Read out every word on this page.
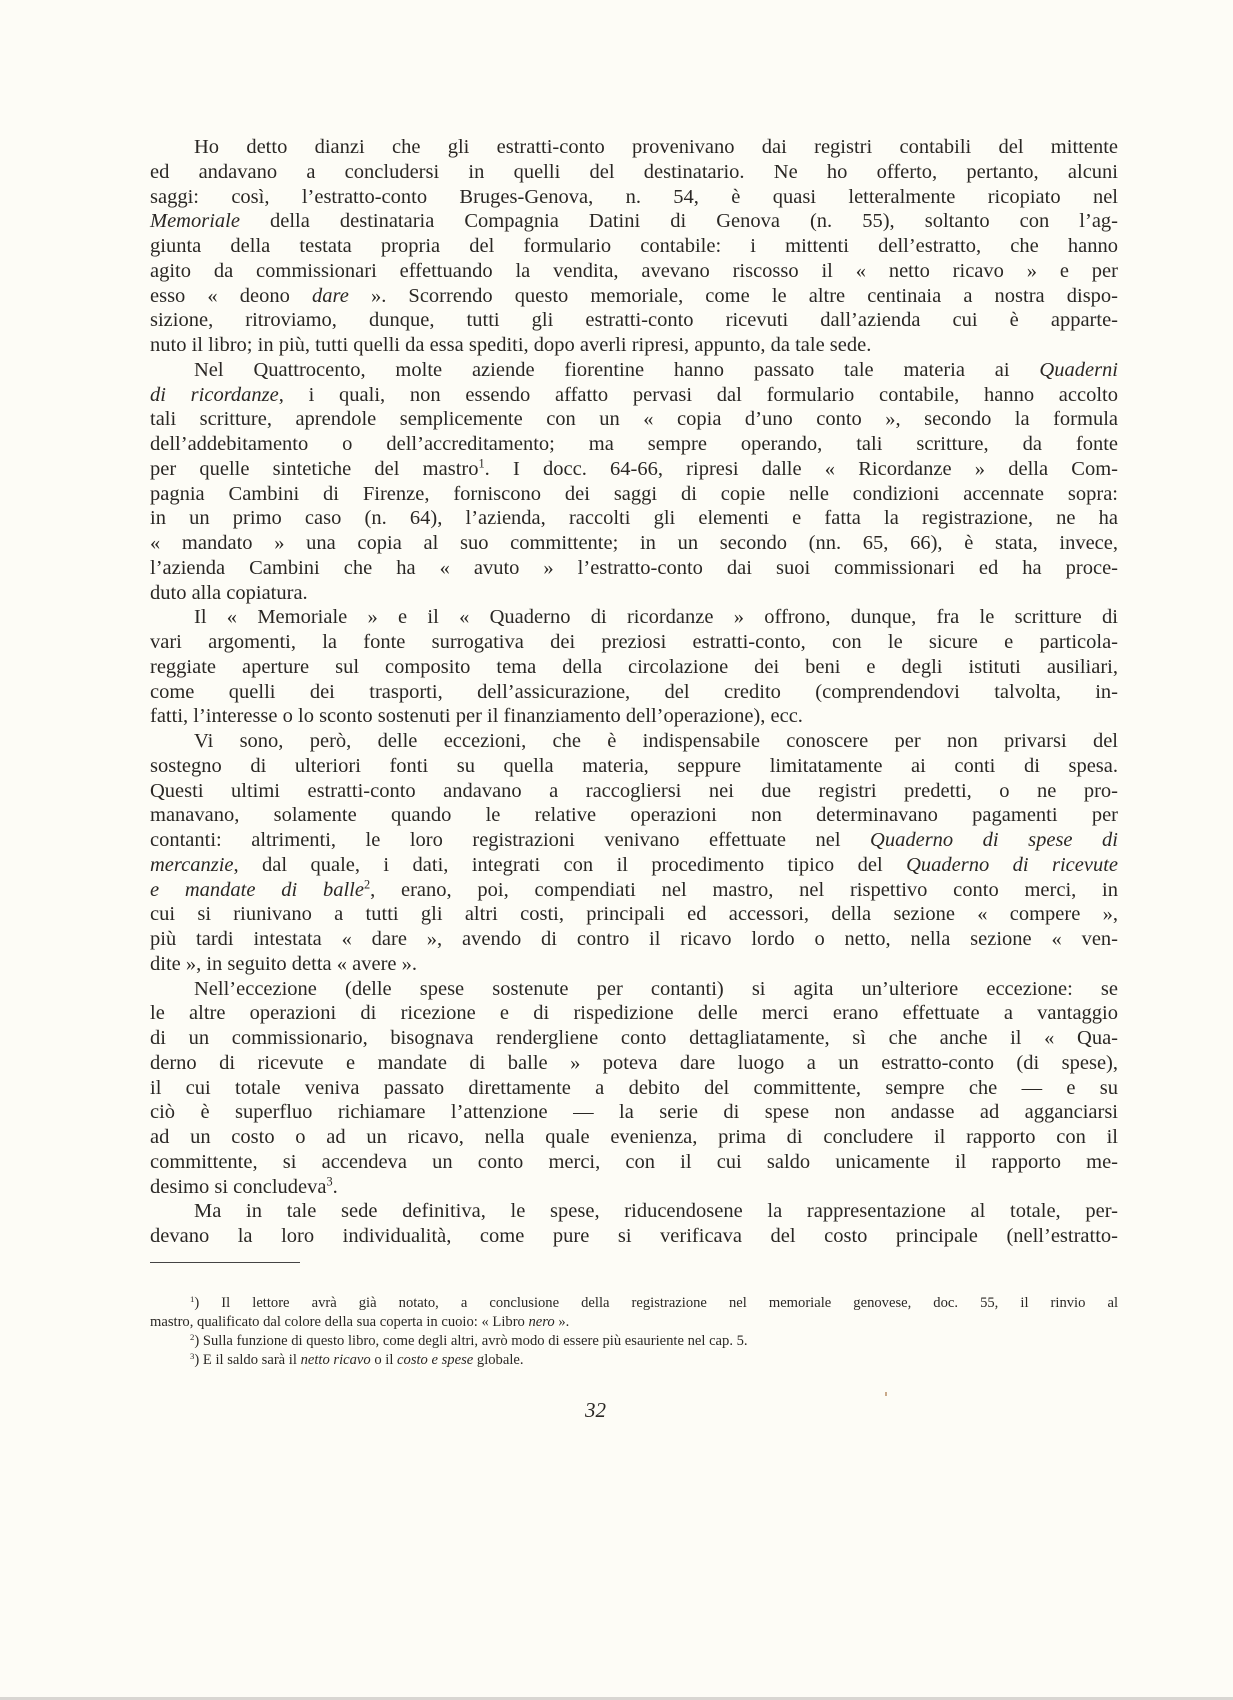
Ho detto dianzi che gli estratti-conto provenivano dai registri contabili del mittente
ed andavano a concludersi in quelli del destinatario. Ne ho offerto, pertanto, alcuni
saggi: così, l’estratto-conto Bruges-Genova, n. 54, è quasi letteralmente ricopiato nel
Memoriale della destinataria Compagnia Datini di Genova (n. 55), soltanto con l’ag-
giunta della testata propria del formulario contabile: i mittenti dell’estratto, che hanno
agito da commissionari effettuando la vendita, avevano riscosso il « netto ricavo » e per
esso « deono dare ». Scorrendo questo memoriale, come le altre centinaia a nostra dispo-
sizione, ritroviamo, dunque, tutti gli estratti-conto ricevuti dall’azienda cui è apparte-
nuto il libro; in più, tutti quelli da essa spediti, dopo averli ripresi, appunto, da tale sede.
Nel Quattrocento, molte aziende fiorentine hanno passato tale materia ai Quaderni
di ricordanze, i quali, non essendo affatto pervasi dal formulario contabile, hanno accolto
tali scritture, aprendole semplicemente con un « copia d’uno conto », secondo la formula
dell’addebitamento o dell’accreditamento; ma sempre operando, tali scritture, da fonte
per quelle sintetiche del mastro$^1$. I docc. 64-66, ripresi dalle « Ricordanze » della Com-
pagnia Cambini di Firenze, forniscono dei saggi di copie nelle condizioni accennate sopra:
in un primo caso (n. 64), l’azienda, raccolti gli elementi e fatta la registrazione, ne ha
« mandato » una copia al suo committente; in un secondo (nn. 65, 66), è stata, invece,
l’azienda Cambini che ha « avuto » l’estratto-conto dai suoi commissionari ed ha proce-
duto alla copiatura.
Il « Memoriale » e il « Quaderno di ricordanze » offrono, dunque, fra le scritture di
vari argomenti, la fonte surrogativa dei preziosi estratti-conto, con le sicure e particola-
reggiate aperture sul composito tema della circolazione dei beni e degli istituti ausiliari,
come quelli dei trasporti, dell’assicurazione, del credito (comprendendovi talvolta, in-
fatti, l’interesse o lo sconto sostenuti per il finanziamento dell’operazione), ecc.
Vi sono, però, delle eccezioni, che è indispensabile conoscere per non privarsi del
sostegno di ulteriori fonti su quella materia, seppure limitatamente ai conti di spesa.
Questi ultimi estratti-conto andavano a raccogliersi nei due registri predetti, o ne pro-
manavano, solamente quando le relative operazioni non determinavano pagamenti per
contanti: altrimenti, le loro registrazioni venivano effettuate nel Quaderno di spese di
mercanzie, dal quale, i dati, integrati con il procedimento tipico del Quaderno di ricevute
e mandate di balle$^2$, erano, poi, compendiati nel mastro, nel rispettivo conto merci, in
cui si riunivano a tutti gli altri costi, principali ed accessori, della sezione « compere »,
più tardi intestata « dare », avendo di contro il ricavo lordo o netto, nella sezione « ven-
dite », in seguito detta « avere ».
Nell’eccezione (delle spese sostenute per contanti) si agita un’ulteriore eccezione: se
le altre operazioni di ricezione e di rispedizione delle merci erano effettuate a vantaggio
di un commissionario, bisognava rendergliene conto dettagliatamente, sì che anche il « Qua-
derno di ricevute e mandate di balle » poteva dare luogo a un estratto-conto (di spese),
il cui totale veniva passato direttamente a debito del committente, sempre che — e su
ciò è superfluo richiamare l’attenzione — la serie di spese non andasse ad agganciarsi
ad un costo o ad un ricavo, nella quale evenienza, prima di concludere il rapporto con il
committente, si accendeva un conto merci, con il cui saldo unicamente il rapporto me-
desimo si concludeva$^3$.
Ma in tale sede definitiva, le spese, riducendosene la rappresentazione al totale, per-
devano la loro individualità, come pure si verificava del costo principale (nell’estratto-
$^1$) Il lettore avrà già notato, a conclusione della registrazione nel memoriale genovese, doc. 55, il rinvio al
mastro, qualificato dal colore della sua coperta in cuoio: « Libro nero ».
$^2$) Sulla funzione di questo libro, come degli altri, avrò modo di essere più esauriente nel cap. 5.
$^3$) E il saldo sarà il netto ricavo o il costo e spese globale.
32
